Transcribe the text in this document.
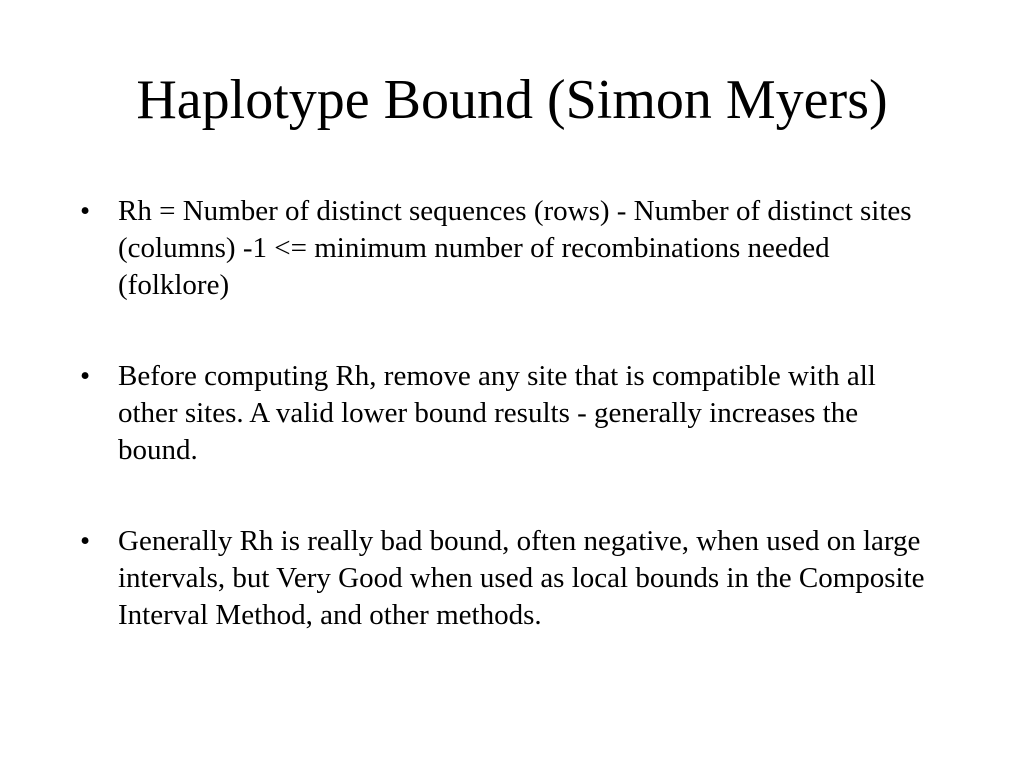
Haplotype Bound (Simon Myers)
• Rh = Number of distinct sequences (rows) - Number of distinct sites (columns) -1 <= minimum number of recombinations needed (folklore)
• Before computing Rh, remove any site that is compatible with all other sites. A valid lower bound results - generally increases the bound.
• Generally Rh is really bad bound, often negative, when used on large intervals, but Very Good when used as local bounds in the Composite Interval Method, and other methods.
